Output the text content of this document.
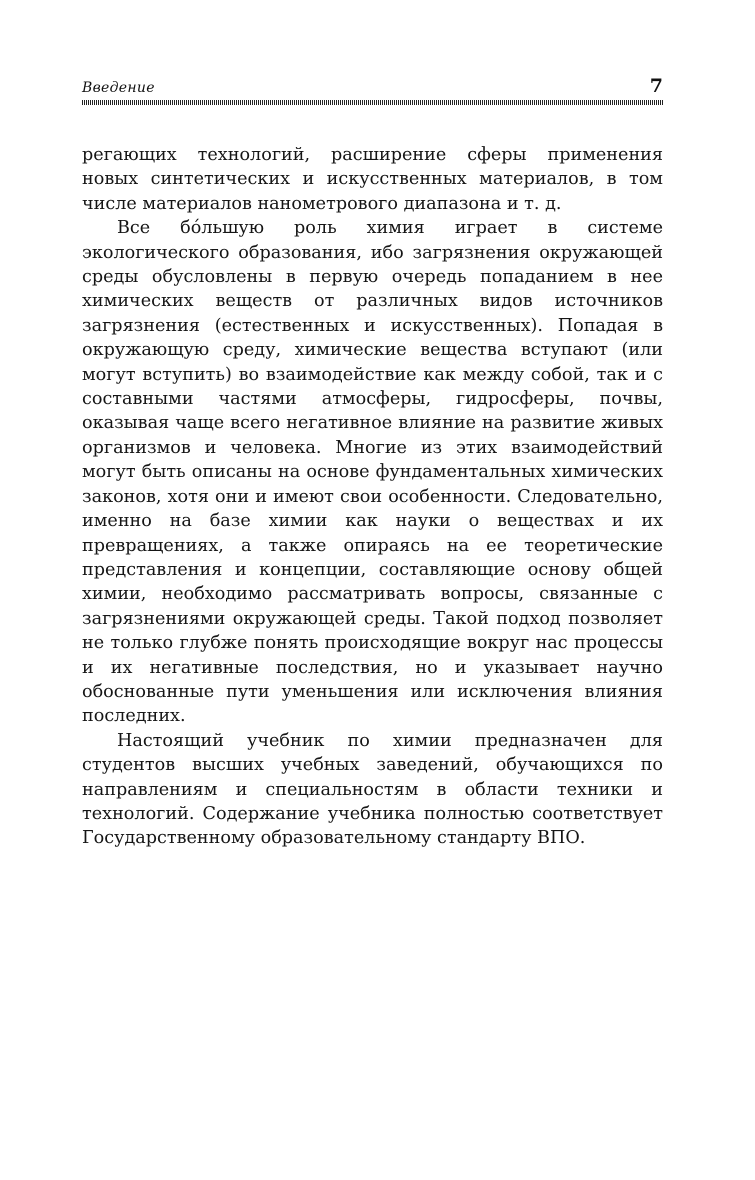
Введение	7

регающих технологий, расширение сферы применения новых синтетических и искусственных материалов, в том числе материалов нанометрового диапазона и т. д.

Все бóльшую роль химия играет в системе экологического образования, ибо загрязнения окружающей среды обусловлены в первую очередь попаданием в нее химических веществ от различных видов источников загрязнения (естественных и искусственных). Попадая в окружающую среду, химические вещества вступают (или могут вступить) во взаимодействие как между собой, так и с составными частями атмосферы, гидросферы, почвы, оказывая чаще всего негативное влияние на развитие живых организмов и человека. Многие из этих взаимодействий могут быть описаны на основе фундаментальных химических законов, хотя они и имеют свои особенности. Следовательно, именно на базе химии как науки о веществах и их превращениях, а также опираясь на ее теоретические представления и концепции, составляющие основу общей химии, необходимо рассматривать вопросы, связанные с загрязнениями окружающей среды. Такой подход позволяет не только глубже понять происходящие вокруг нас процессы и их негативные последствия, но и указывает научно обоснованные пути уменьшения или исключения влияния последних.

Настоящий учебник по химии предназначен для студентов высших учебных заведений, обучающихся по направлениям и специальностям в области техники и технологий. Содержание учебника полностью соответствует Государственному образовательному стандарту ВПО.
